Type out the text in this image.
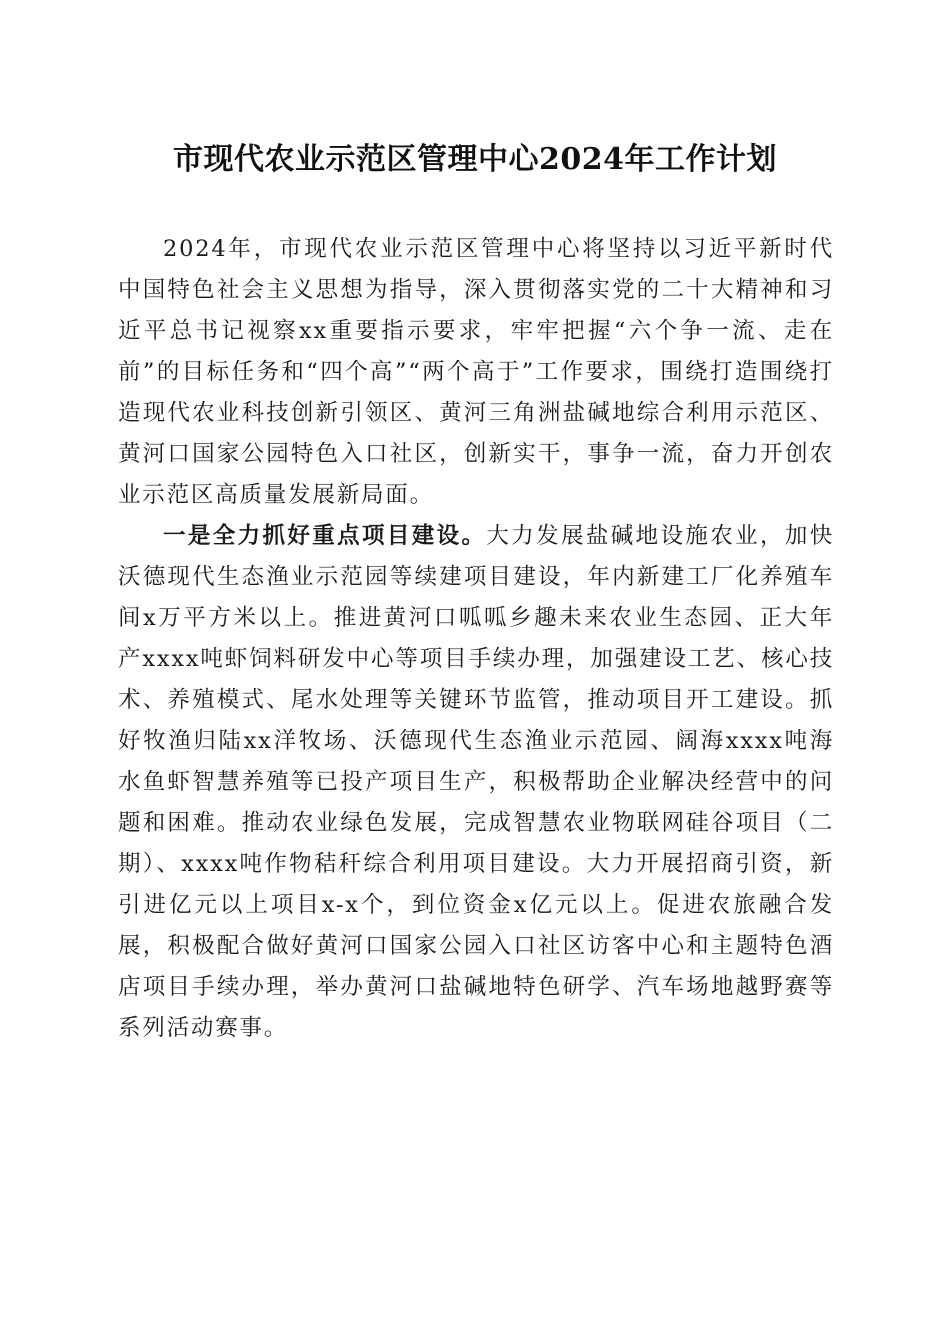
市现代农业示范区管理中心2024年工作计划

2024年，市现代农业示范区管理中心将坚持以习近平新时代中国特色社会主义思想为指导，深入贯彻落实党的二十大精神和习近平总书记视察xx重要指示要求，牢牢把握“六个争一流、走在前”的目标任务和“四个高”“两个高于”工作要求，围绕打造围绕打造现代农业科技创新引领区、黄河三角洲盐碱地综合利用示范区、黄河口国家公园特色入口社区，创新实干，事争一流，奋力开创农业示范区高质量发展新局面。

一是全力抓好重点项目建设。大力发展盐碱地设施农业，加快沃德现代生态渔业示范园等续建项目建设，年内新建工厂化养殖车间x万平方米以上。推进黄河口呱呱乡趣未来农业生态园、正大年产xxxx吨虾饲料研发中心等项目手续办理，加强建设工艺、核心技术、养殖模式、尾水处理等关键环节监管，推动项目开工建设。抓好牧渔归陆xx洋牧场、沃德现代生态渔业示范园、阔海xxxx吨海水鱼虾智慧养殖等已投产项目生产，积极帮助企业解决经营中的问题和困难。推动农业绿色发展，完成智慧农业物联网硅谷项目（二期）、xxxx吨作物秸秆综合利用项目建设。大力开展招商引资，新引进亿元以上项目x-x个，到位资金x亿元以上。促进农旅融合发展，积极配合做好黄河口国家公园入口社区访客中心和主题特色酒店项目手续办理，举办黄河口盐碱地特色研学、汽车场地越野赛等系列活动赛事。
